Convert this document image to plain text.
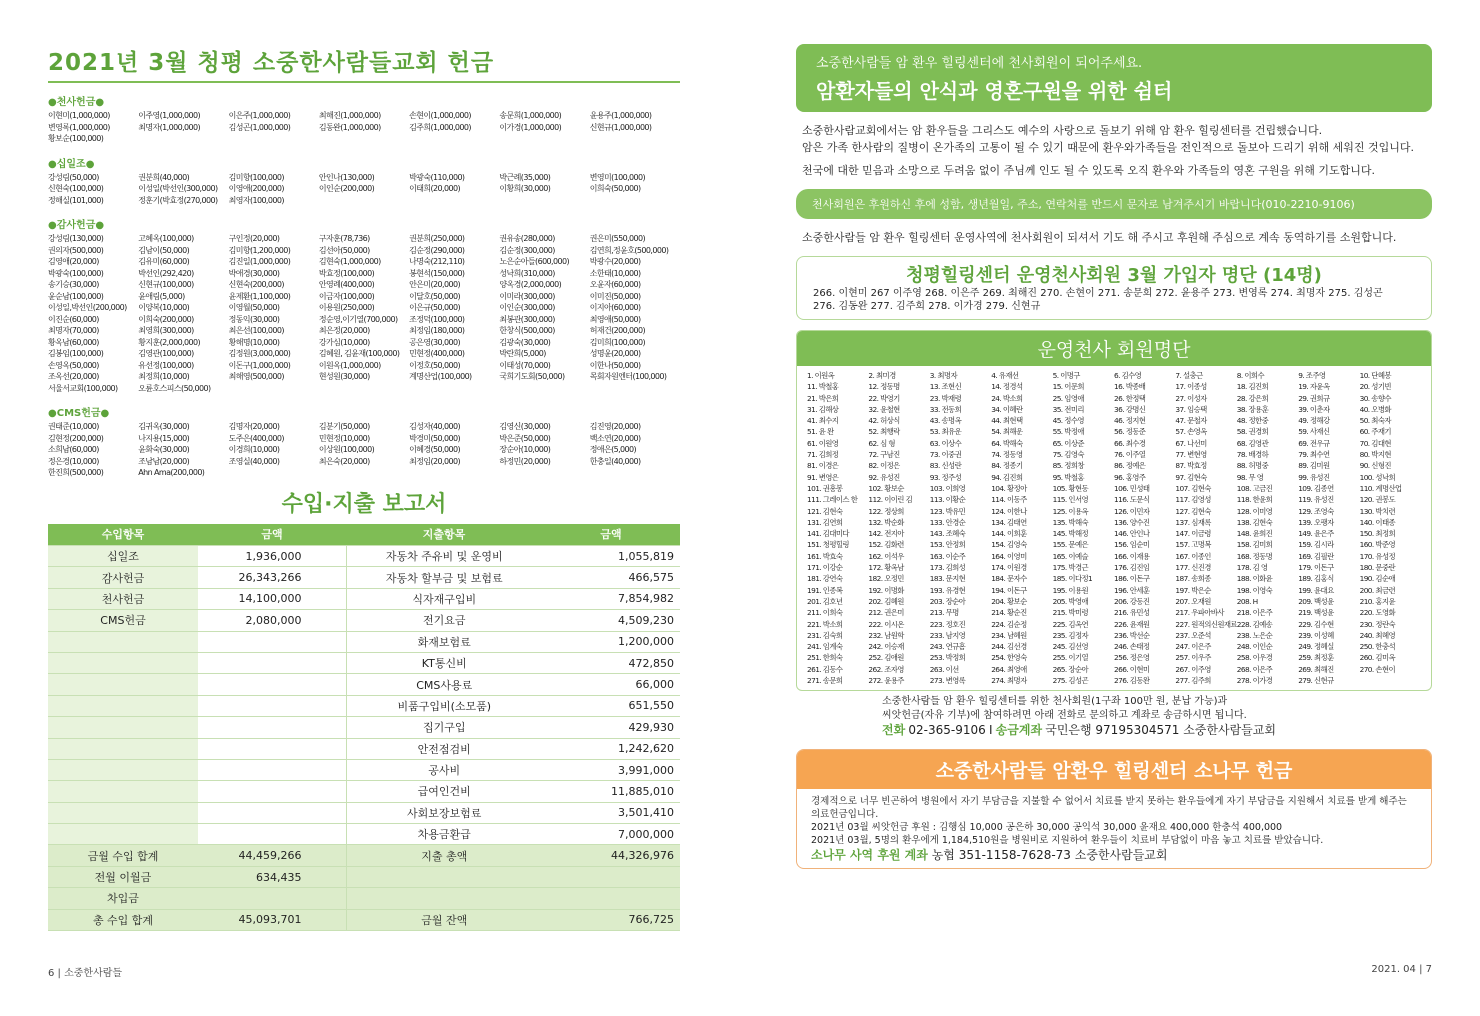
2021년 3월 청평 소중한사람들교회 헌금
●천사헌금●
이현미(1,000,000)	이주영(1,000,000)	이은주(1,000,000)	최해진(1,000,000)	손현이(1,000,000)	송문희(1,000,000)	윤용주(1,000,000)
변영록(1,000,000)	최명자(1,000,000)	김성곤(1,000,000)	김동완(1,000,000)	김주희(1,000,000)	이가경(1,000,000)	신현규(1,000,000)
황보순(100,000)
●십일조●
강성림(50,000)	권분희(40,000)	김미향(100,000)	안인나(130,000)	박광숙(110,000)	박근례(35,000)	변영미(100,000)
신현숙(100,000)	이성일(박선인(300,000)	이영애(200,000)	이인순(200,000)	이태희(20,000)	이황희(30,000)	이희숙(50,000)
정해실(101,000)	정훈기(박효정(270,000)	최영자(100,000)
●감사헌금●
강성림(130,000)	고혜옥(100,000)	구인정(20,000)	구자훈(78,736)	권분희(250,000)	권유송(280,000)	권은미(550,000)
권의자(500,000)	김남이(50,000)	김미향(1,200,000)	김선아(50,000)	김순정(290,000)	김순정(300,000)	김연희,정윤호(500,000)
김영애(20,000)	김유미(60,000)	김진일(1,000,000)	김현숙(1,000,000)	나명숙(212,110)	노은순아들(600,000)	박광수(20,000)
박광숙(100,000)	박선인(292,420)	박애경(30,000)	박효정(100,000)	봉현석(150,000)	성낙희(310,000)	소한태(10,000)
송기승(30,000)	신현규(100,000)	신현숙(200,000)	안영례(400,000)	안은미(20,000)	양옥경(2,000,000)	오윤자(60,000)
윤순남(100,000)	윤애림(5,000)	윤제환(1,100,000)	이금자(100,000)	이달호(50,000)	이미라(300,000)	이미진(50,000)
이성일,박선인(200,000)	이양복(10,000)	이영월(50,000)	이용원(250,000)	이은규(50,000)	이인순(300,000)	이지아(60,000)
이진순(60,000)	이희숙(200,000)	정동익(30,000)	정순영,이기열(700,000)	조정덕(100,000)	최봉관(300,000)	최영애(50,000)
최명자(70,000)	최영희(300,000)	최은선(100,000)	최은정(20,000)	최정임(180,000)	한창식(500,000)	허재건(200,000)
황옥남(60,000)	황지훈(2,000,000)	황해명(10,000)	강가심(10,000)	공은영(30,000)	김광숙(30,000)	김미희(100,000)
김봉임(100,000)	김영관(100,000)	김정원(3,000,000)	김혜원, 김윤재(100,000)	민현정(400,000)	박란희(5,000)	성명윤(20,000)
손영옥(50,000)	유선정(100,000)	이돈구(1,000,000)	이원옥(1,000,000)	이정호(50,000)	이태성(70,000)	이한나(50,000)
조옥선(20,000)	최정희(10,000)	최해영(500,000)	현성원(30,000)	계명산업(100,000)	국희기도회(50,000)	목회자원엔터(100,000)
서울서교회(100,000)	오륜호스피스(50,000)
●CMS헌금●
권태준(10,000)	김귀옥(30,000)	김명자(20,000)	김분기(50,000)	김성자(40,000)	김영신(30,000)	김진영(20,000)
김현정(200,000)	나지용(15,000)	도주은(400,000)	민현정(10,000)	박경미(50,000)	박은준(50,000)	백소연(20,000)
소희남(60,000)	윤화숙(30,000)	이경희(10,000)	이상원(100,000)	이혜경(50,000)	장순아(10,000)	정애은(5,000)
정은경(10,000)	조남남(20,000)	조영실(40,000)	최은숙(20,000)	최정임(20,000)	하정민(20,000)	한충일(40,000)
한진희(500,000)	Ahn Ama(200,000)
수입·지출 보고서
수입항목	금액	지출항목	금액
십일조	1,936,000	자동차 주유비 및 운영비	1,055,819
감사헌금	26,343,266	자동차 할부금 및 보험료	466,575
천사헌금	14,100,000	식자재구입비	7,854,982
CMS헌금	2,080,000	전기요금	4,509,230
		화재보험료	1,200,000
		KT통신비	472,850
		CMS사용료	66,000
		비품구입비(소모품)	651,550
		집기구입	429,930
		안전점검비	1,242,620
		공사비	3,991,000
		급여인건비	11,885,010
		사회보장보험료	3,501,410
		차용금환급	7,000,000
금월 수입 합계	44,459,266	지출 총액	44,326,976
전월 이월금	634,435		
차입금			
총 수입 합계	45,093,701	금월 잔액	766,725
6 | 소중한사람들
소중한사람들 암 환우 힐링센터에 천사회원이 되어주세요.
암환자들의 안식과 영혼구원을 위한 쉼터
소중한사람교회에서는 암 환우들을 그리스도 예수의 사랑으로 돌보기 위해 암 환우 힐링센터를 건립했습니다.
암은 가족 한사람의 질병이 온가족의 고통이 될 수 있기 때문에 환우와가족들을 전인적으로 돌보아 드리기 위해 세워진 것입니다.
천국에 대한 믿음과 소망으로 두려움 없이 주님께 인도 될 수 있도록 오직 환우와 가족들의 영혼 구원을 위해 기도합니다.
천사회원은 후원하신 후에 성함, 생년월일, 주소, 연락처를 반드시 문자로 남겨주시기 바랍니다(010-2210-9106)
소중한사람들 암 환우 힐링센터 운영사역에 천사회원이 되셔서 기도 해 주시고 후원해 주심으로 계속 동역하기를 소원합니다.
청평힐링센터 운영천사회원 3월 가입자 명단 (14명)
266. 이현미 267 이주영 268. 이은주 269. 최해진 270. 손현이 271. 송문희 272. 윤용주 273. 변영록 274. 최명자 275. 김성곤
276. 김동완 277. 김주희 278. 이가경 279. 신현규
운영천사 회원명단
1. 이원옥	2. 최미경	3. 최명자	4. 유재선	5. 이명구	6. 김수영	7. 설충근	8. 이희수	9. 조주영	10. 단혜봉
11. 박철홍	12. 정동명	13. 조현신	14. 정경석	15. 이문희	16. 박종배	17. 이종성	18. 김진희	19. 자윤옥	20. 성기빈
21. 박은희	22. 박영기	23. 박재령	24. 박소희	25. 임영애	26. 한정택	27. 이성자	28. 강은희	29. 권희규	30. 송향수
31. 김해상	32. 윤철현	33. 전동희	34. 이혜란	35. 전미리	36. 강명신	37. 임승택	38. 장용훈	39. 이춘자	40. 오병화
41. 최수지	42. 허상식	43. 송명옥	44. 최현택	45. 정수영	46. 정지현	47. 문철자	48. 정한중	49. 정해강	50. 최숙자
51. 윤 완	52. 최행락	53. 최유운	54. 최해운	55. 박정애	56. 정동준	57. 손영옥	58. 권경희	59. 사재신	60. 주재기
61. 이원영	62. 심 형	63. 이상수	64. 박해숙	65. 이상준	66. 최수경	67. 나선미	68. 김영관	69. 전우규	70. 김대현
71. 김희정	72. 구남진	73. 이중권	74. 정동영	75. 김영숙	76. 이주열	77. 변현영	78. 배경하	79. 최수연	80. 박지현
81. 이경은	82. 이정은	83. 신성란	84. 정종기	85. 정희창	86. 정예은	87. 박효정	88. 허명중	89. 김미원	90. 신형진
91. 변영은	92. 유성진	93. 정주성	94. 김진희	95. 박철홍	96. 홍영주	97. 김현숙	98. 무 영	99. 유성진	100. 성낙희
101. 권흥봉	102. 황보순	103. 이희영	104. 황정아	105. 황현동	106. 민성태	107. 김현숙	108. 고금진	109. 김종연	110. 계명산업
111. 그레이스 한	112. 이이린 김	113. 이황순	114. 이동주	115. 인서영	116. 도문식	117. 김영성	118. 한윤희	119. 유성진	120. 권봉도
121. 김현숙	122. 정상희	123. 박유민	124. 이한나	125. 이용옥	126. 이민자	127. 김현숙	128. 이미영	129. 조영숙	130. 박치련
131. 김연희	132. 박순화	133. 안경순	134. 김태연	135. 박해숙	136. 양수진	137. 심재록	138. 김현숙	139. 오팽자	140. 이태종
141. 김대미다	142. 전지아	143. 조혜숙	144. 이희훈	145. 박해정	146. 안인나	147. 이금령	148. 윤희진	149. 윤은주	150. 최정희
151. 청평힐링	152. 김화련	153. 안정희	154. 김영숙	155. 문예은	156. 임순미	157. 고명복	158. 김미희	159. 김시라	160. 박준영
161. 박효숙	162. 이석우	163. 이순주	164. 이영미	165. 이예슬	166. 이재용	167. 이종인	168. 정동명	169. 김필란	170. 유성정
171. 이강순	172. 황옥남	173. 김희성	174. 이원경	175. 박경근	176. 김진임	177. 신진경	178. 김 영	179. 이돈구	180. 문중란
181. 강연숙	182. 오정민	183. 문지현	184. 문자수	185. 이다정1	186. 이돈구	187. 송희종	188. 이화윤	189. 김홍식	190. 김순애
191. 인종복	192. 이명화	193. 유경현	194. 이돈구	195. 이용원	196. 안세훈	197. 박은순	198. 이영숙	199. 윤대요	200. 최금련
201. 김호년	202. 김혜원	203. 장순아	204. 황보순	205. 박영애	206. 강동진	207. 오재원	208. H	209. 백성윤	210. 홍지윤
211. 이희숙	212. 권은미	213. 무명	214. 황순진	215. 박미령	216. 유민성	217. 우파아바사	218. 이은주	219. 백성윤	220. 도영화
221. 박소희	222. 이시온	223. 정호진	224. 김순정	225. 김옥연	226. 윤재원	227. 원적의신원재료 228. 김예송	229. 김수현	230. 정란숙
231. 김숙희	232. 남원학	233. 남지영	234. 남혜원	235. 김정자	236. 박선순	237. 오준석	238. 노은순	239. 이성혜	240. 최혜영
241. 임계숙	242. 이승재	243. 연규흠	244. 김선경	245. 김선영	246. 손태정	247. 이은주	248. 이인순	249. 정혜실	250. 한충석
251. 한희숙	252. 김애원	253. 박정희	254. 한영숙	255. 이기열	256. 정은영	257. 이우주	258. 이우경	259. 최정훈	260. 김미옥
261. 김동수	262. 조자영	263. 이선	264. 최영애	265. 장순아	266. 이현미	267. 이주영	268. 이은주	269. 최해진	270. 손현이
271. 송문희	272. 윤용주	273. 변영록	274. 최명자	275. 김성곤	276. 김동완	277. 김주희	278. 이가경	279. 신현규
소중한사람들 암 환우 힐링센터를 위한 천사회원(1구좌 100만 원, 분납 가능)과
씨앗헌금(자유 기부)에 참여하려면 아래 전화로 문의하고 계좌로 송금하시면 됩니다.
전화 02-365-9106 I 송금계좌 국민은행 97195304571 소중한사람들교회
소중한사람들 암환우 힐링센터 소나무 헌금
경제적으로 너무 빈곤하여 병원에서 자기 부담금을 지불할 수 없어서 치료를 받지 못하는 환우들에게 자기 부담금을 지원해서 치료를 받게 해주는
의료헌금입니다.
2021년 03월 씨앗헌금 후원 : 김행심 10,000 공은하 30,000 공익석 30,000 윤재요 400,000 한충석 400,000
2021년 03월, 5명의 환우에게 1,184,510원을 병원비로 지원하여 환우들이 치료비 부담없이 마음 놓고 치료를 받았습니다.
소나무 사역 후원 계좌 농협 351-1158-7628-73 소중한사람들교회
2021. 04 | 7
